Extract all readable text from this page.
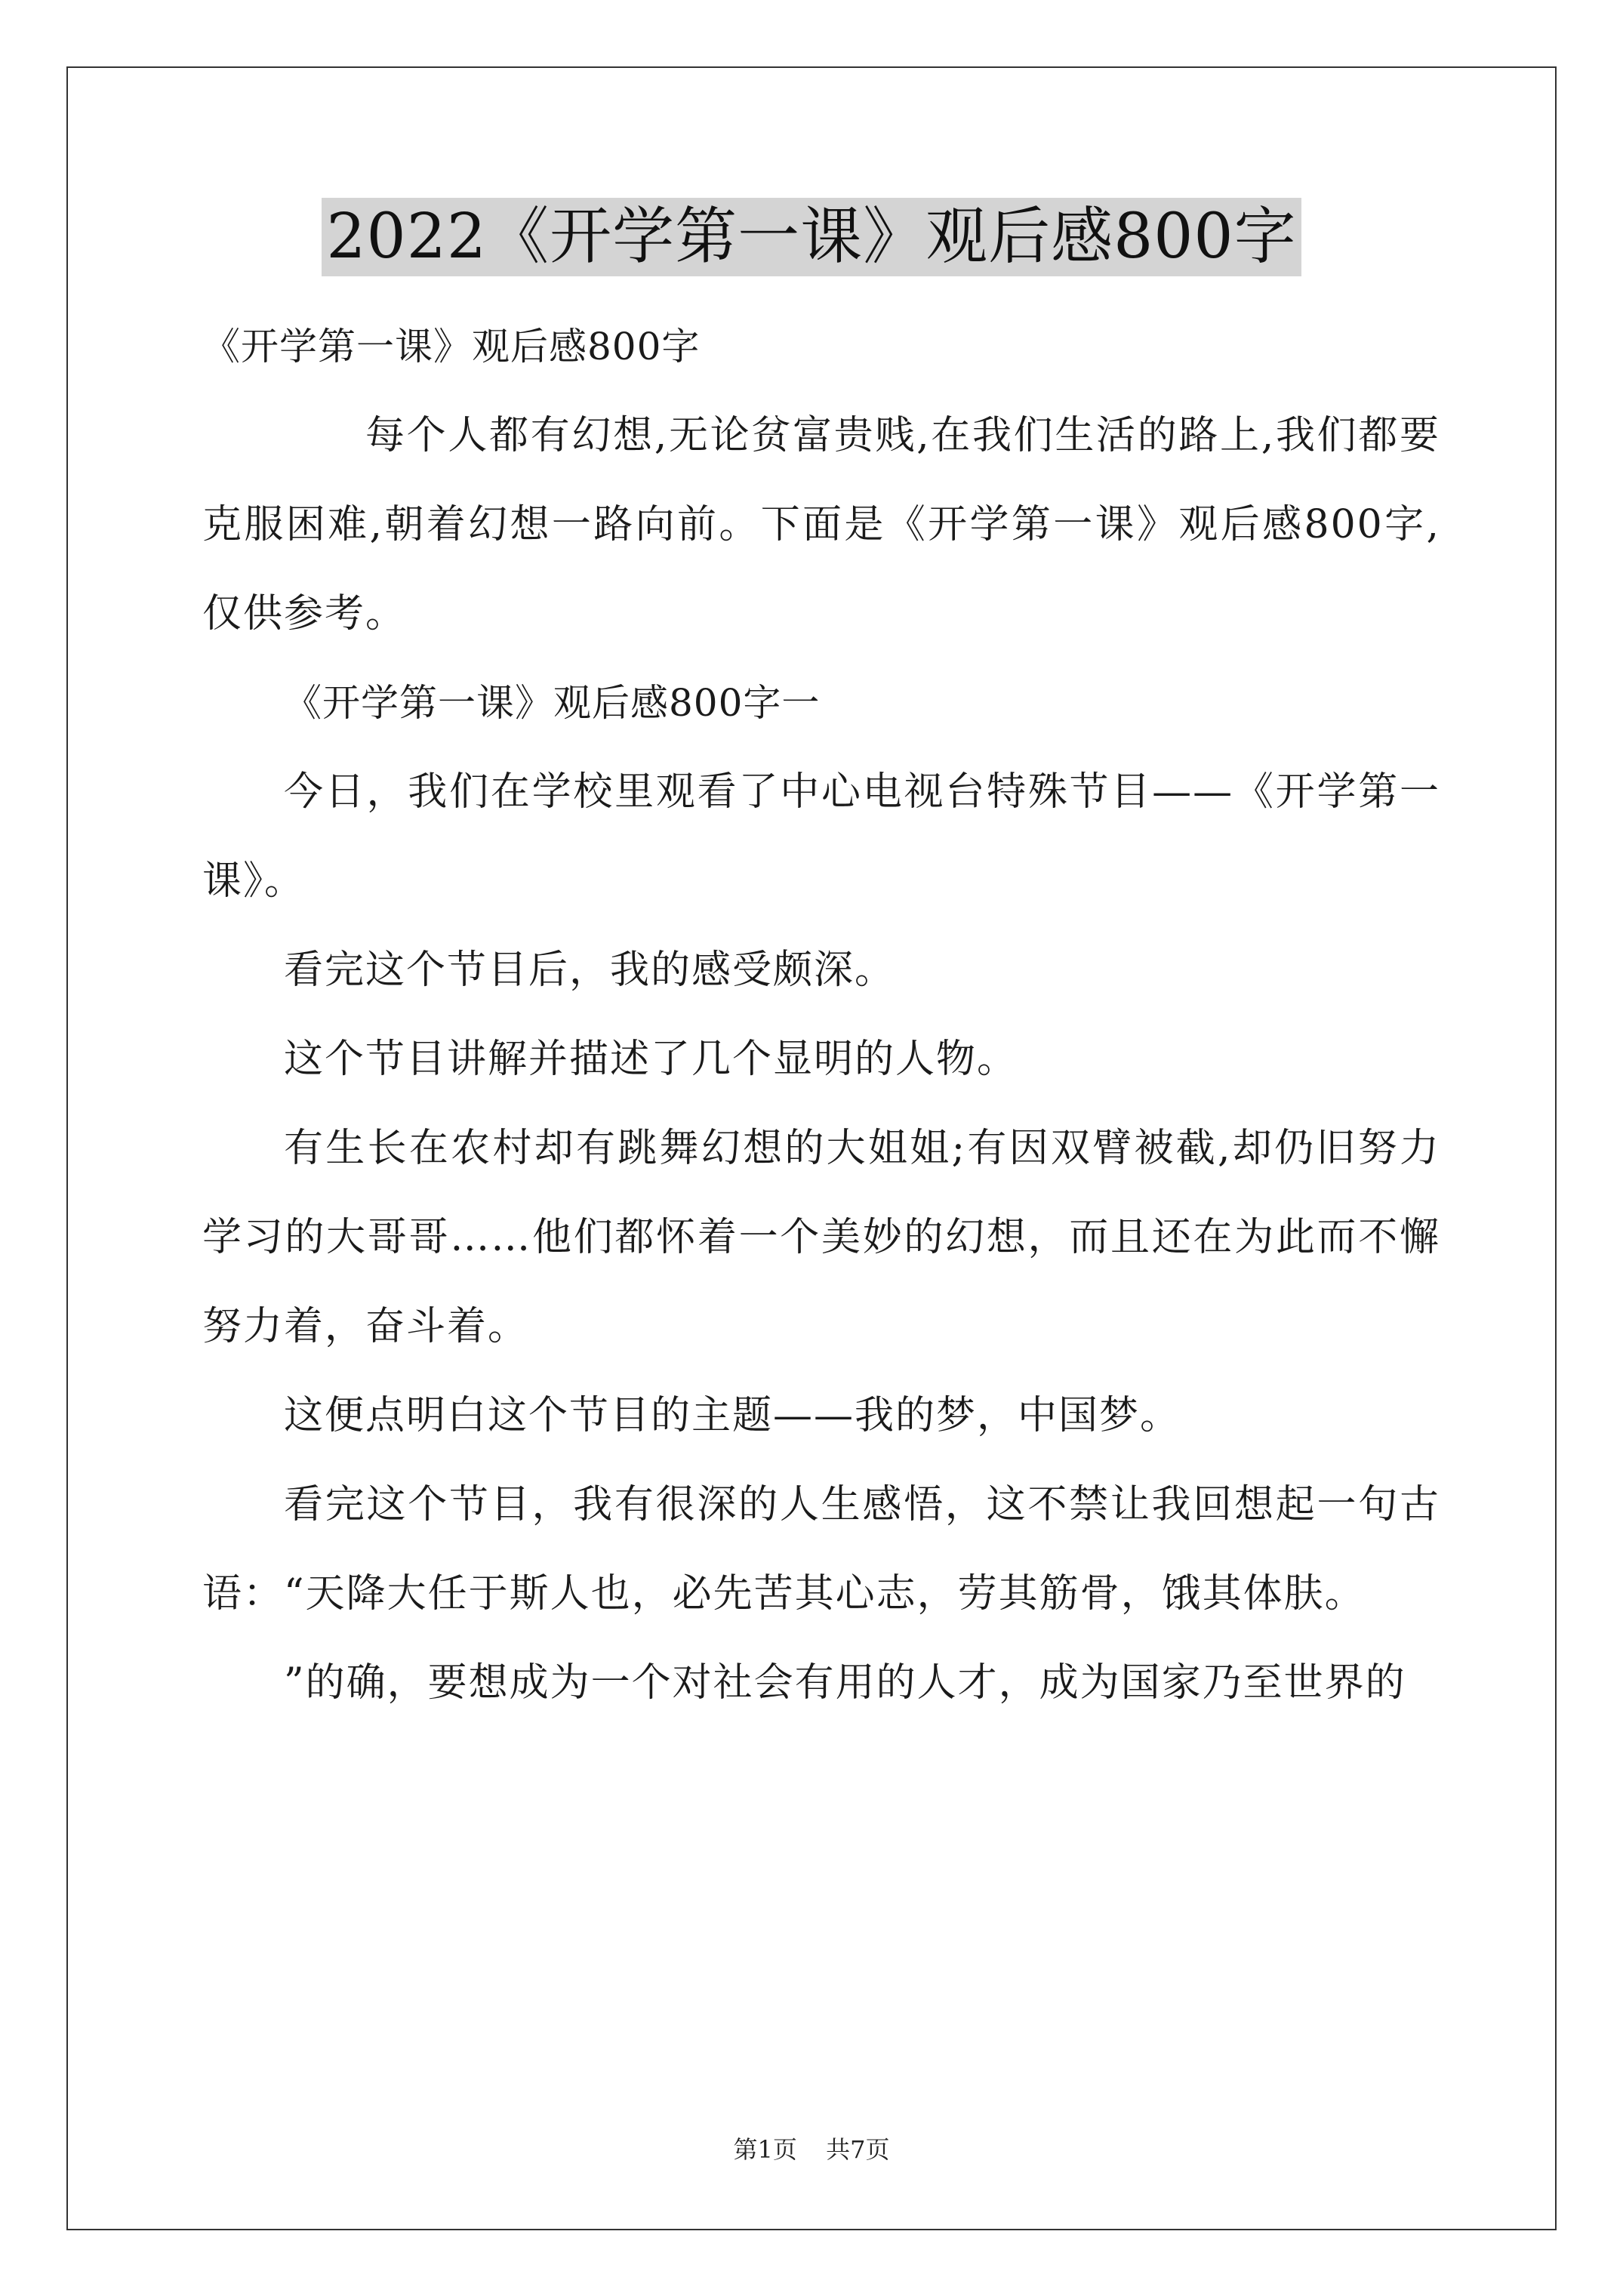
2022《开学第一课》观后感800字

《开学第一课》观后感800字

每个人都有幻想,无论贫富贵贱,在我们生活的路上,我们都要克服困难,朝着幻想一路向前。下面是《开学第一课》观后感800字,仅供参考。

《开学第一课》观后感800字一

今日，我们在学校里观看了中心电视台特殊节目——《开学第一课》。

看完这个节目后，我的感受颇深。

这个节目讲解并描述了几个显明的人物。

有生长在农村却有跳舞幻想的大姐姐;有因双臂被截,却仍旧努力学习的大哥哥……他们都怀着一个美妙的幻想，而且还在为此而不懈努力着，奋斗着。

这便点明白这个节目的主题——我的梦，中国梦。

看完这个节目，我有很深的人生感悟，这不禁让我回想起一句古语：“天降大任于斯人也，必先苦其心志，劳其筋骨，饿其体肤。

”的确，要想成为一个对社会有用的人才，成为国家乃至世界的

第1页 共7页
